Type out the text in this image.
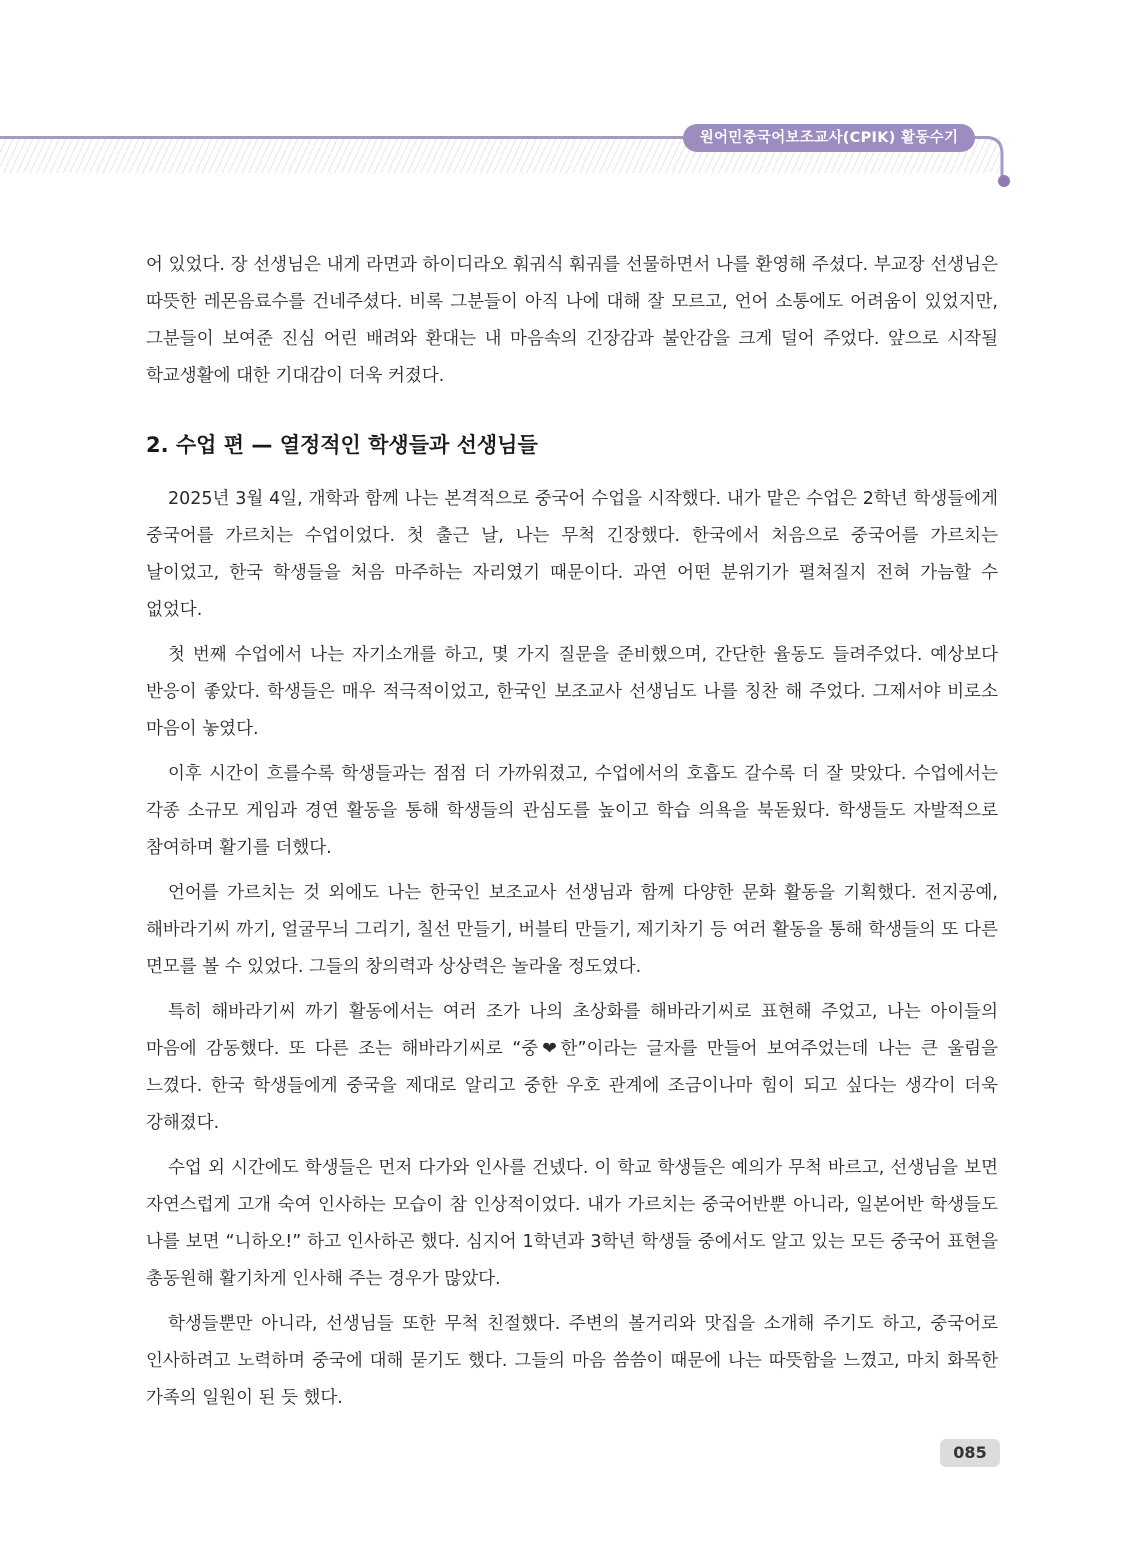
원어민중국어보조교사(CPIK) 활동수기

어 있었다. 장 선생님은 내게 라면과 하이디라오 훠궈식 훠궈를 선물하면서 나를 환영해 주셨다. 부교장 선생님은 따뜻한 레몬음료수를 건네주셨다. 비록 그분들이 아직 나에 대해 잘 모르고, 언어 소통에도 어려움이 있었지만, 그분들이 보여준 진심 어린 배려와 환대는 내 마음속의 긴장감과 불안감을 크게 덜어 주었다. 앞으로 시작될 학교생활에 대한 기대감이 더욱 커졌다.

2. 수업 편 — 열정적인 학생들과 선생님들

2025년 3월 4일, 개학과 함께 나는 본격적으로 중국어 수업을 시작했다. 내가 맡은 수업은 2학년 학생들에게 중국어를 가르치는 수업이었다. 첫 출근 날, 나는 무척 긴장했다. 한국에서 처음으로 중국어를 가르치는 날이었고, 한국 학생들을 처음 마주하는 자리였기 때문이다. 과연 어떤 분위기가 펼쳐질지 전혀 가늠할 수 없었다.

첫 번째 수업에서 나는 자기소개를 하고, 몇 가지 질문을 준비했으며, 간단한 율동도 들려주었다. 예상보다 반응이 좋았다. 학생들은 매우 적극적이었고, 한국인 보조교사 선생님도 나를 칭찬 해 주었다. 그제서야 비로소 마음이 놓였다.

이후 시간이 흐를수록 학생들과는 점점 더 가까워졌고, 수업에서의 호흡도 갈수록 더 잘 맞았다. 수업에서는 각종 소규모 게임과 경연 활동을 통해 학생들의 관심도를 높이고 학습 의욕을 북돋웠다. 학생들도 자발적으로 참여하며 활기를 더했다.

언어를 가르치는 것 외에도 나는 한국인 보조교사 선생님과 함께 다양한 문화 활동을 기획했다. 전지공예, 해바라기씨 까기, 얼굴무늬 그리기, 칠선 만들기, 버블티 만들기, 제기차기 등 여러 활동을 통해 학생들의 또 다른 면모를 볼 수 있었다. 그들의 창의력과 상상력은 놀라울 정도였다.

특히 해바라기씨 까기 활동에서는 여러 조가 나의 초상화를 해바라기씨로 표현해 주었고, 나는 아이들의 마음에 감동했다. 또 다른 조는 해바라기씨로 “중❤한”이라는 글자를 만들어 보여주었는데 나는 큰 울림을 느꼈다. 한국 학생들에게 중국을 제대로 알리고 중한 우호 관계에 조금이나마 힘이 되고 싶다는 생각이 더욱 강해졌다.

수업 외 시간에도 학생들은 먼저 다가와 인사를 건넸다. 이 학교 학생들은 예의가 무척 바르고, 선생님을 보면 자연스럽게 고개 숙여 인사하는 모습이 참 인상적이었다. 내가 가르치는 중국어반뿐 아니라, 일본어반 학생들도 나를 보면 “니하오!” 하고 인사하곤 했다. 심지어 1학년과 3학년 학생들 중에서도 알고 있는 모든 중국어 표현을 총동원해 활기차게 인사해 주는 경우가 많았다.

학생들뿐만 아니라, 선생님들 또한 무척 친절했다. 주변의 볼거리와 맛집을 소개해 주기도 하고, 중국어로 인사하려고 노력하며 중국에 대해 묻기도 했다. 그들의 마음 씀씀이 때문에 나는 따뜻함을 느꼈고, 마치 화목한 가족의 일원이 된 듯 했다.

085
